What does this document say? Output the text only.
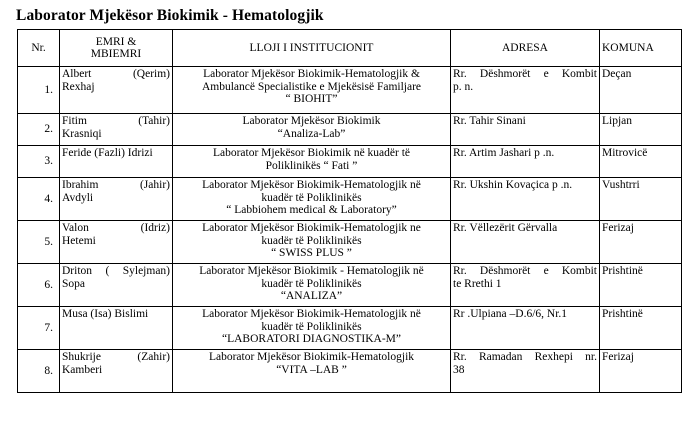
Laborator Mjekësor Biokimik - Hematologjik
Nr.	EMRI &
MBIEMRI	LLOJI I INSTITUCIONIT	ADRESA	KOMUNA
1.	Albert (Qerim)
Rexhaj	Laborator Mjekësor Biokimik-Hematologjik &
Ambulancë Specialistike e Mjekësisë Familjare
“ BIOHIT”	Rr. Dëshmorët e Kombit
p. n.	Deçan
2.	Fitim (Tahir)
Krasniqi	Laborator Mjekësor Biokimik
“Analiza-Lab”	Rr. Tahir Sinani	Lipjan
3.	Feride (Fazli) Idrizi	Laborator Mjekësor Biokimik në kuadër të
Poliklinikës “ Fati ”	Rr. Artim Jashari p .n.	Mitrovicë
4.	Ibrahim (Jahir)
Avdyli	Laborator Mjekësor Biokimik-Hematologjik në
kuadër të Poliklinikës
“ Labbiohem medical & Laboratory”	Rr. Ukshin Kovaçica p .n.	Vushtrri
5.	Valon (Idriz)
Hetemi	Laborator Mjekësor Biokimik-Hematologjik ne
kuadër të Poliklinikës
“ SWISS PLUS ”	Rr. Vëllezërit Gërvalla	Ferizaj
6.	Driton ( Sylejman)
Sopa	Laborator Mjekësor Biokimik - Hematologjik në
kuadër të Poliklinikës
“ANALIZA”	Rr. Dëshmorët e Kombit
te Rrethi 1	Prishtinë
7.	Musa (Isa) Bislimi	Laborator Mjekësor Biokimik-Hematologjik në
kuadër të Poliklinikës
“LABORATORI DIAGNOSTIKA-M”	Rr .Ulpiana –D.6/6, Nr.1	Prishtinë
8.	Shukrije (Zahir)
Kamberi	Laborator Mjekësor Biokimik-Hematologjik
“VITA –LAB ”	Rr. Ramadan Rexhepi nr.
38	Ferizaj
